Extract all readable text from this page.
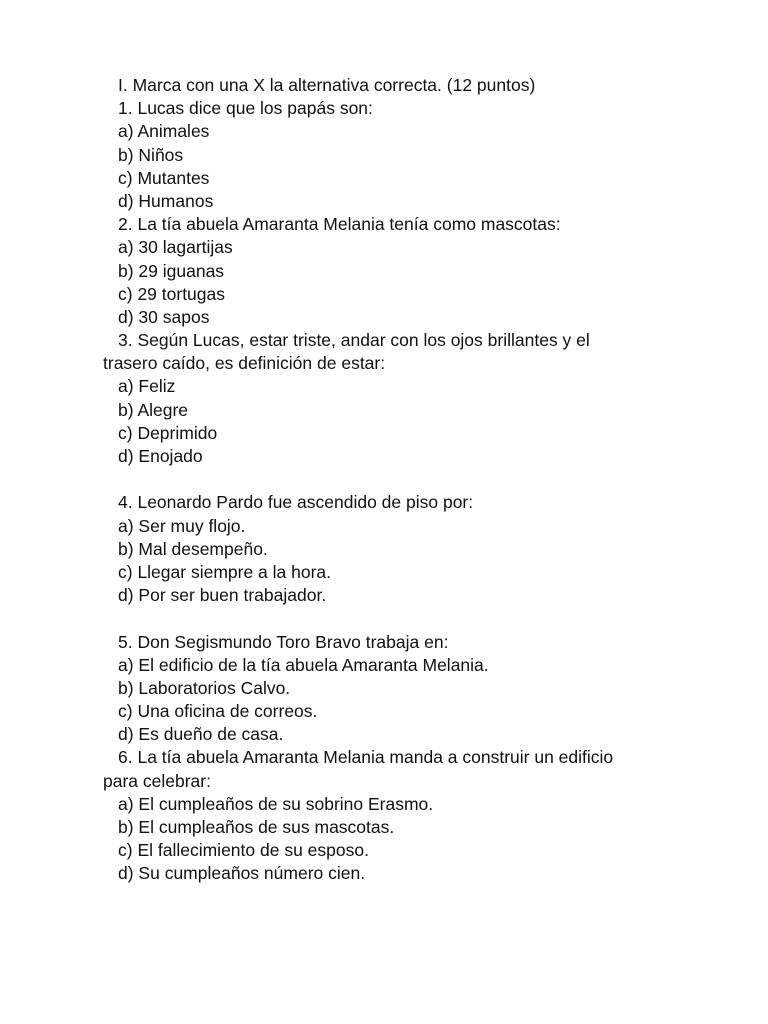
I. Marca con una X la alternativa correcta. (12 puntos)
1. Lucas dice que los papás son:
a) Animales
b) Niños
c) Mutantes
d) Humanos
2. La tía abuela Amaranta Melania tenía como mascotas:
a) 30 lagartijas
b) 29 iguanas
c) 29 tortugas
d) 30 sapos
3. Según Lucas, estar triste, andar con los ojos brillantes y el
trasero caído, es definición de estar:
a) Feliz
b) Alegre
c) Deprimido
d) Enojado
4. Leonardo Pardo fue ascendido de piso por:
a) Ser muy flojo.
b) Mal desempeño.
c) Llegar siempre a la hora.
d) Por ser buen trabajador.
5. Don Segismundo Toro Bravo trabaja en:
a) El edificio de la tía abuela Amaranta Melania.
b) Laboratorios Calvo.
c) Una oficina de correos.
d) Es dueño de casa.
6. La tía abuela Amaranta Melania manda a construir un edificio
para celebrar:
a) El cumpleaños de su sobrino Erasmo.
b) El cumpleaños de sus mascotas.
c) El fallecimiento de su esposo.
d) Su cumpleaños número cien.
